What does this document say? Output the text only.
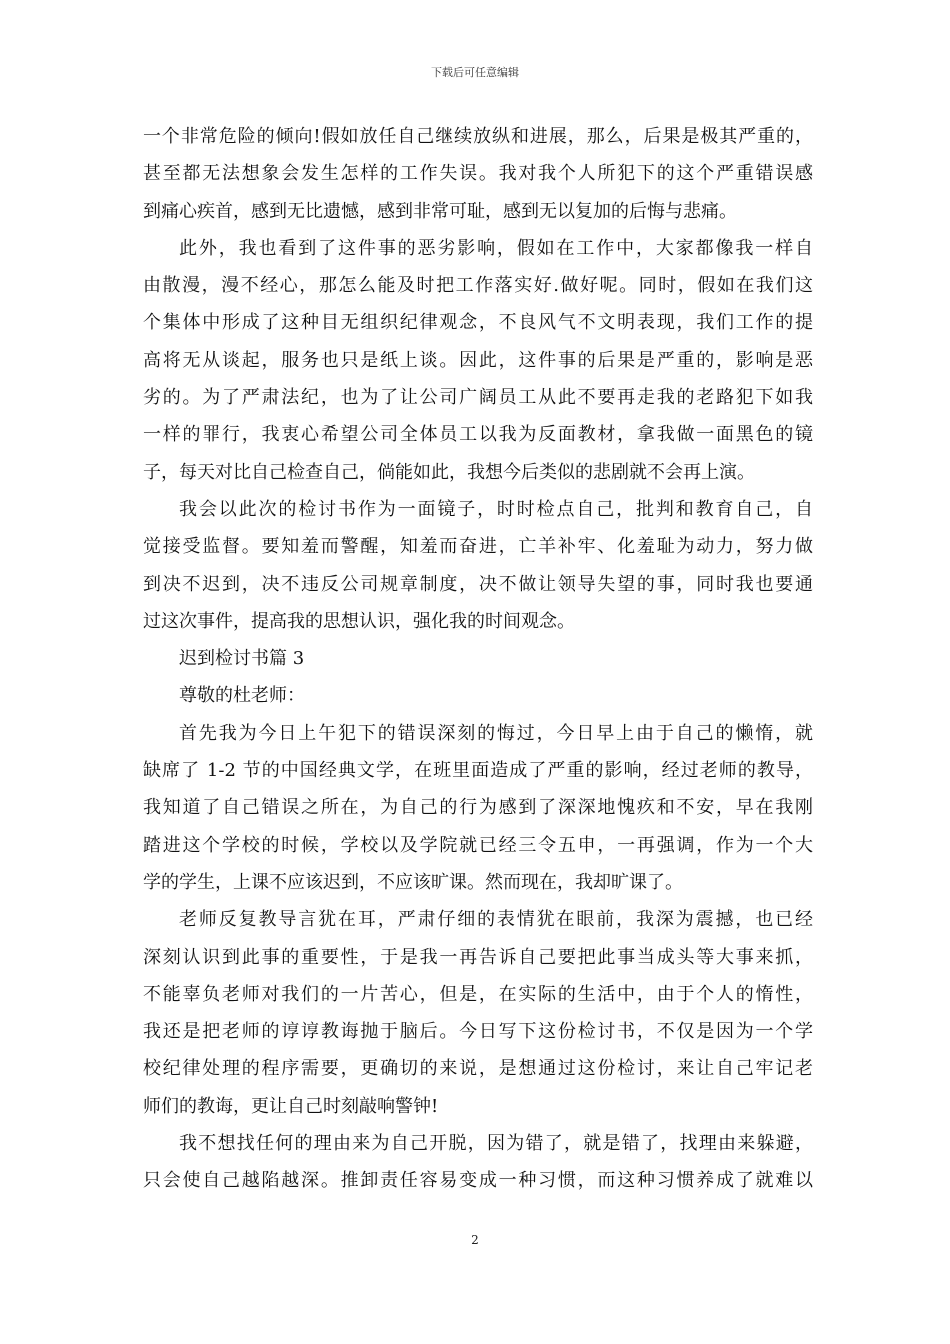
下载后可任意编辑
一个非常危险的倾向!假如放任自己继续放纵和进展，那么，后果是极其严重的，
甚至都无法想象会发生怎样的工作失误。我对我个人所犯下的这个严重错误感
到痛心疾首，感到无比遗憾，感到非常可耻，感到无以复加的后悔与悲痛。
此外，我也看到了这件事的恶劣影响，假如在工作中，大家都像我一样自
由散漫，漫不经心，那怎么能及时把工作落实好.做好呢。同时，假如在我们这
个集体中形成了这种目无组织纪律观念，不良风气不文明表现，我们工作的提
高将无从谈起，服务也只是纸上谈。因此，这件事的后果是严重的，影响是恶
劣的。为了严肃法纪，也为了让公司广阔员工从此不要再走我的老路犯下如我
一样的罪行，我衷心希望公司全体员工以我为反面教材，拿我做一面黑色的镜
子，每天对比自己检查自己，倘能如此，我想今后类似的悲剧就不会再上演。
我会以此次的检讨书作为一面镜子，时时检点自己，批判和教育自己，自
觉接受监督。要知羞而警醒，知羞而奋进，亡羊补牢、化羞耻为动力，努力做
到决不迟到，决不违反公司规章制度，决不做让领导失望的事，同时我也要通
过这次事件，提高我的思想认识，强化我的时间观念。
迟到检讨书篇 3
尊敬的杜老师：
首先我为今日上午犯下的错误深刻的悔过，今日早上由于自己的懒惰，就
缺席了 1-2 节的中国经典文学，在班里面造成了严重的影响，经过老师的教导，
我知道了自己错误之所在，为自己的行为感到了深深地愧疚和不安，早在我刚
踏进这个学校的时候，学校以及学院就已经三令五申，一再强调，作为一个大
学的学生，上课不应该迟到，不应该旷课。然而现在，我却旷课了。
老师反复教导言犹在耳，严肃仔细的表情犹在眼前，我深为震撼，也已经
深刻认识到此事的重要性，于是我一再告诉自己要把此事当成头等大事来抓，
不能辜负老师对我们的一片苦心，但是，在实际的生活中，由于个人的惰性，
我还是把老师的谆谆教诲抛于脑后。今日写下这份检讨书，不仅是因为一个学
校纪律处理的程序需要，更确切的来说，是想通过这份检讨，来让自己牢记老
师们的教诲，更让自己时刻敲响警钟!
我不想找任何的理由来为自己开脱，因为错了，就是错了，找理由来躲避，
只会使自己越陷越深。推卸责任容易变成一种习惯，而这种习惯养成了就难以
2
